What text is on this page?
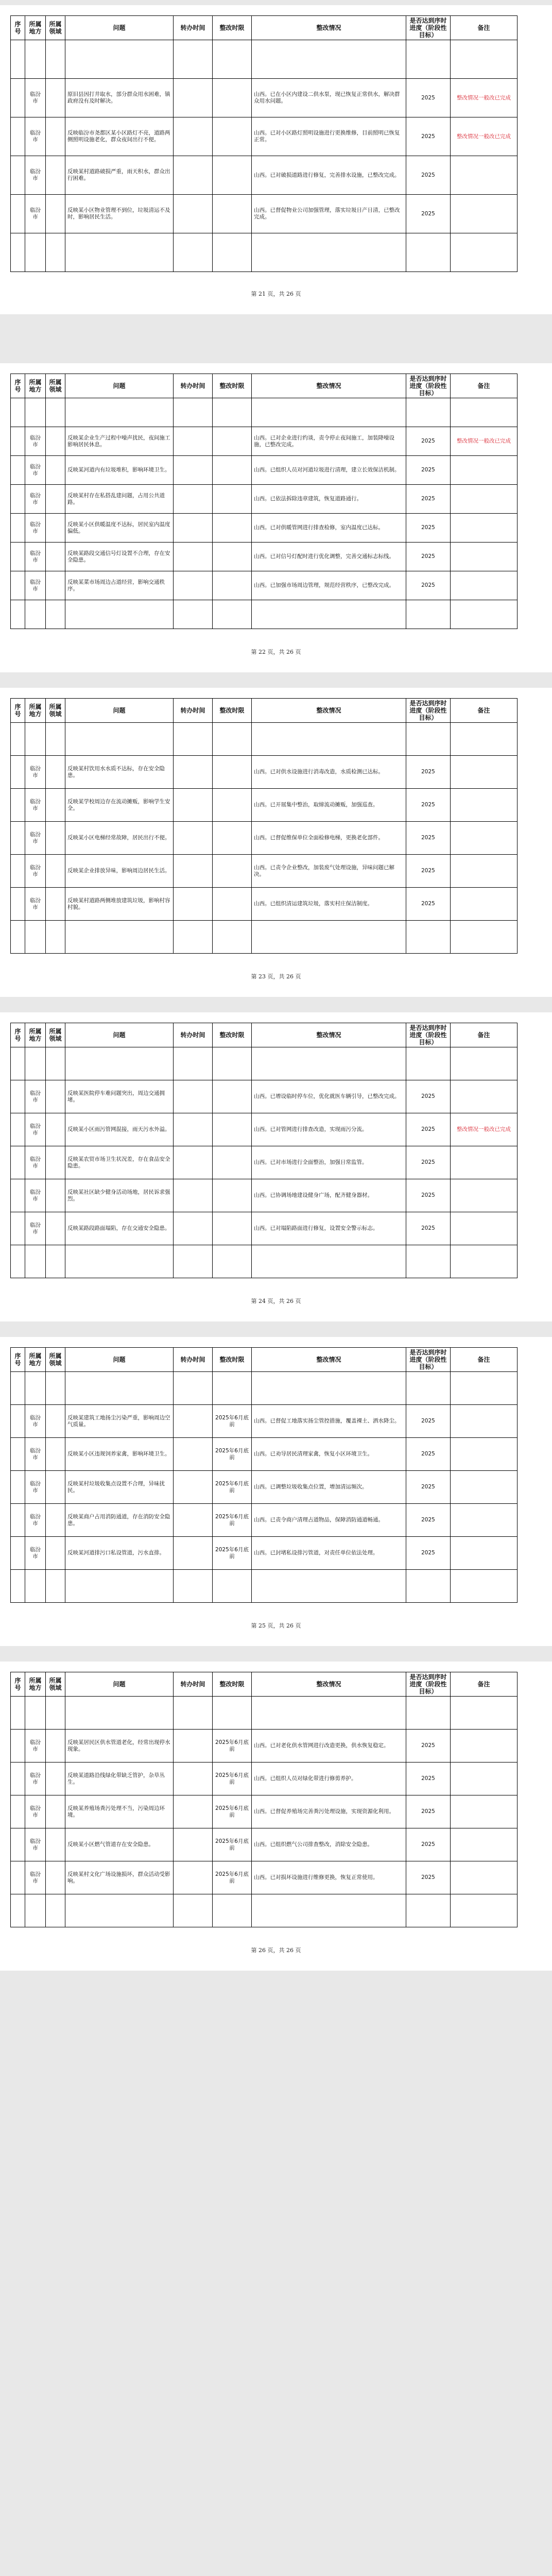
序号	所属地方	所属领域	问题	转办时间	整改时限	整改情况	是否达到序时进度（阶段性目标）	备注

	临汾市		原旧县因打井取水，部分群众用水困难，镇政府没有及时解决。			山西。已在小区内建设二供水泵，现已恢复正常供水，解决群众用水问题。	2025	整改情况一般改已完成
	临汾市		反映临汾市尧都区某小区路灯不亮，道路两侧照明设施老化，群众夜间出行不便。			山西。已对小区路灯照明设施进行更换维修，目前照明已恢复正常。	2025	整改情况一般改已完成
	临汾市		反映某村道路破损严重，雨天积水，群众出行困难。			山西。已对破损道路进行修复，完善排水设施，已整改完成。	2025	
	临汾市		反映某小区物业管理不到位，垃圾清运不及时，影响居民生活。			山西。已督促物业公司加强管理，落实垃圾日产日清，已整改完成。	2025	

第 21 页，共 26 页
序号	所属地方	所属领域	问题	转办时间	整改时限	整改情况	是否达到序时进度（阶段性目标）	备注

	临汾市		反映某企业生产过程中噪声扰民，夜间施工影响居民休息。			山西。已对企业进行约谈，责令停止夜间施工，加装降噪设施，已整改完成。	2025	整改情况一般改已完成
	临汾市		反映某河道内有垃圾堆积，影响环境卫生。			山西。已组织人员对河道垃圾进行清理，建立长效保洁机制。	2025	
	临汾市		反映某村存在私搭乱建问题，占用公共道路。			山西。已依法拆除违章建筑，恢复道路通行。	2025	
	临汾市		反映某小区供暖温度不达标，居民室内温度偏低。			山西。已对供暖管网进行排查检修，室内温度已达标。	2025	
	临汾市		反映某路段交通信号灯设置不合理，存在安全隐患。			山西。已对信号灯配时进行优化调整，完善交通标志标线。	2025	
	临汾市		反映某菜市场周边占道经营，影响交通秩序。			山西。已加强市场周边管理，规范经营秩序，已整改完成。	2025	

第 22 页，共 26 页
序号	所属地方	所属领域	问题	转办时间	整改时限	整改情况	是否达到序时进度（阶段性目标）	备注

	临汾市		反映某村饮用水水质不达标，存在安全隐患。			山西。已对供水设施进行消毒改造，水质检测已达标。	2025	
	临汾市		反映某学校周边存在流动摊贩，影响学生安全。			山西。已开展集中整治，取缔流动摊贩，加强巡查。	2025	
	临汾市		反映某小区电梯经常故障，居民出行不便。			山西。已督促维保单位全面检修电梯，更换老化部件。	2025	
	临汾市		反映某企业排放异味，影响周边居民生活。			山西。已责令企业整改，加装废气处理设施，异味问题已解决。	2025	
	临汾市		反映某村道路两侧堆放建筑垃圾，影响村容村貌。			山西。已组织清运建筑垃圾，落实村庄保洁制度。	2025	

第 23 页，共 26 页
序号	所属地方	所属领域	问题	转办时间	整改时限	整改情况	是否达到序时进度（阶段性目标）	备注

	临汾市		反映某医院停车难问题突出，周边交通拥堵。			山西。已增设临时停车位，优化就医车辆引导，已整改完成。	2025	
	临汾市		反映某小区雨污管网混接，雨天污水外溢。			山西。已对管网进行排查改造，实现雨污分流。	2025	整改情况一般改已完成
	临汾市		反映某农贸市场卫生状况差，存在食品安全隐患。			山西。已对市场进行全面整治，加强日常监管。	2025	
	临汾市		反映某社区缺少健身活动场地，居民诉求强烈。			山西。已协调场地建设健身广场，配齐健身器材。	2025	
	临汾市		反映某路段路面塌陷，存在交通安全隐患。			山西。已对塌陷路面进行修复，设置安全警示标志。	2025	

第 24 页，共 26 页
序号	所属地方	所属领域	问题	转办时间	整改时限	整改情况	是否达到序时进度（阶段性目标）	备注

	临汾市		反映某建筑工地扬尘污染严重，影响周边空气质量。		2025年6月底前	山西。已督促工地落实扬尘管控措施，覆盖裸土、洒水降尘。	2025	
	临汾市		反映某小区违规饲养家禽，影响环境卫生。		2025年6月底前	山西。已劝导居民清理家禽，恢复小区环境卫生。	2025	
	临汾市		反映某村垃圾收集点设置不合理，异味扰民。		2025年6月底前	山西。已调整垃圾收集点位置，增加清运频次。	2025	
	临汾市		反映某商户占用消防通道，存在消防安全隐患。		2025年6月底前	山西。已责令商户清理占道物品，保障消防通道畅通。	2025	
	临汾市		反映某河道排污口私设管道，污水直排。		2025年6月底前	山西。已封堵私设排污管道，对责任单位依法处理。	2025	

第 25 页，共 26 页
序号	所属地方	所属领域	问题	转办时间	整改时限	整改情况	是否达到序时进度（阶段性目标）	备注

	临汾市		反映某居民区供水管道老化，经常出现停水现象。		2025年6月底前	山西。已对老化供水管网进行改造更换，供水恢复稳定。	2025	
	临汾市		反映某道路沿线绿化带缺乏管护，杂草丛生。		2025年6月底前	山西。已组织人员对绿化带进行修剪养护。	2025	
	临汾市		反映某养殖场粪污处理不当，污染周边环境。		2025年6月底前	山西。已督促养殖场完善粪污处理设施，实现资源化利用。	2025	
	临汾市		反映某小区燃气管道存在安全隐患。		2025年6月底前	山西。已组织燃气公司排查整改，消除安全隐患。	2025	
	临汾市		反映某村文化广场设施损坏，群众活动受影响。		2025年6月底前	山西。已对损坏设施进行维修更换，恢复正常使用。	2025	

第 26 页，共 26 页
